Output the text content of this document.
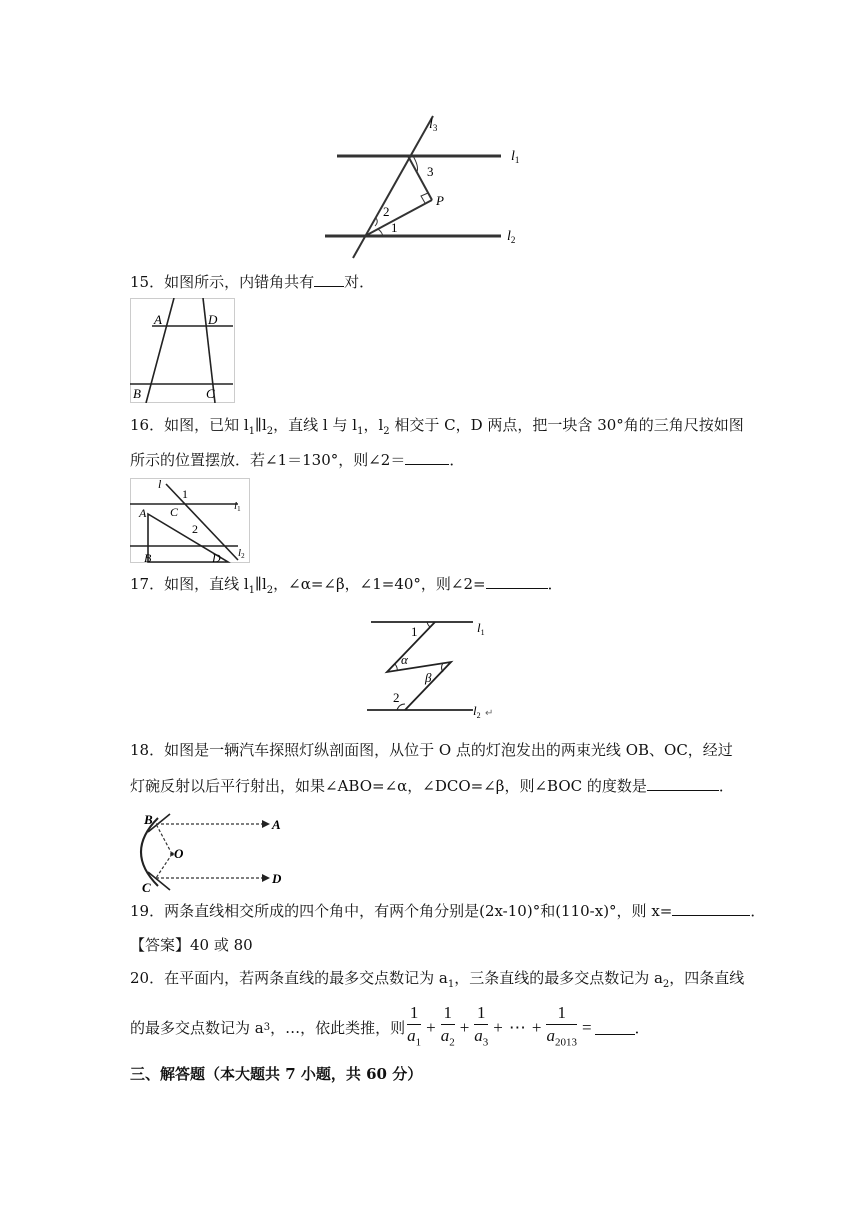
$l_3$
$l_1$
$l_2$
3
2
1
P
15．如图所示，内错角共有 对．
A	D
B	C
16．如图，已知 $l_1\parallel l_2$，直线 l 与 $l_1$，$l_2$ 相交于 C，D 两点，把一块含 30°角的三角尺按如图
所示的位置摆放．若∠1＝130°，则∠2＝	．
l
1
A C
2
B	D
l1
l2
17．如图，直线 $l_1\parallel l_2$，∠α=∠β，∠1=40°，则∠2=	．
1
α
β
2
$l_1$
$l_2$ ↵
18．如图是一辆汽车探照灯纵剖面图，从位于 O 点的灯泡发出的两束光线 OB、OC，经过
灯碗反射以后平行射出，如果∠ABO=∠α，∠DCO=∠β，则∠BOC 的度数是	．
B	A
O
C
D
19．两条直线相交所成的四个角中，有两个角分别是(2x-10)°和(110-x)°，则 x=	．
【答案】40 或 80
20．在平面内，若两条直线的最多交点数记为 $a_1$，三条直线的最多交点数记为 $a_2$，四条直线
的最多交点数记为 a 3 ，…，依此类推，则 $\frac{1}{a_1} + \frac{1}{a_2} + \frac{1}{a_3}$ + ⋯ + $\frac{1}{a_{2013}}$ =	．
三、解答题（本大题共 7 小题，共 60 分）
